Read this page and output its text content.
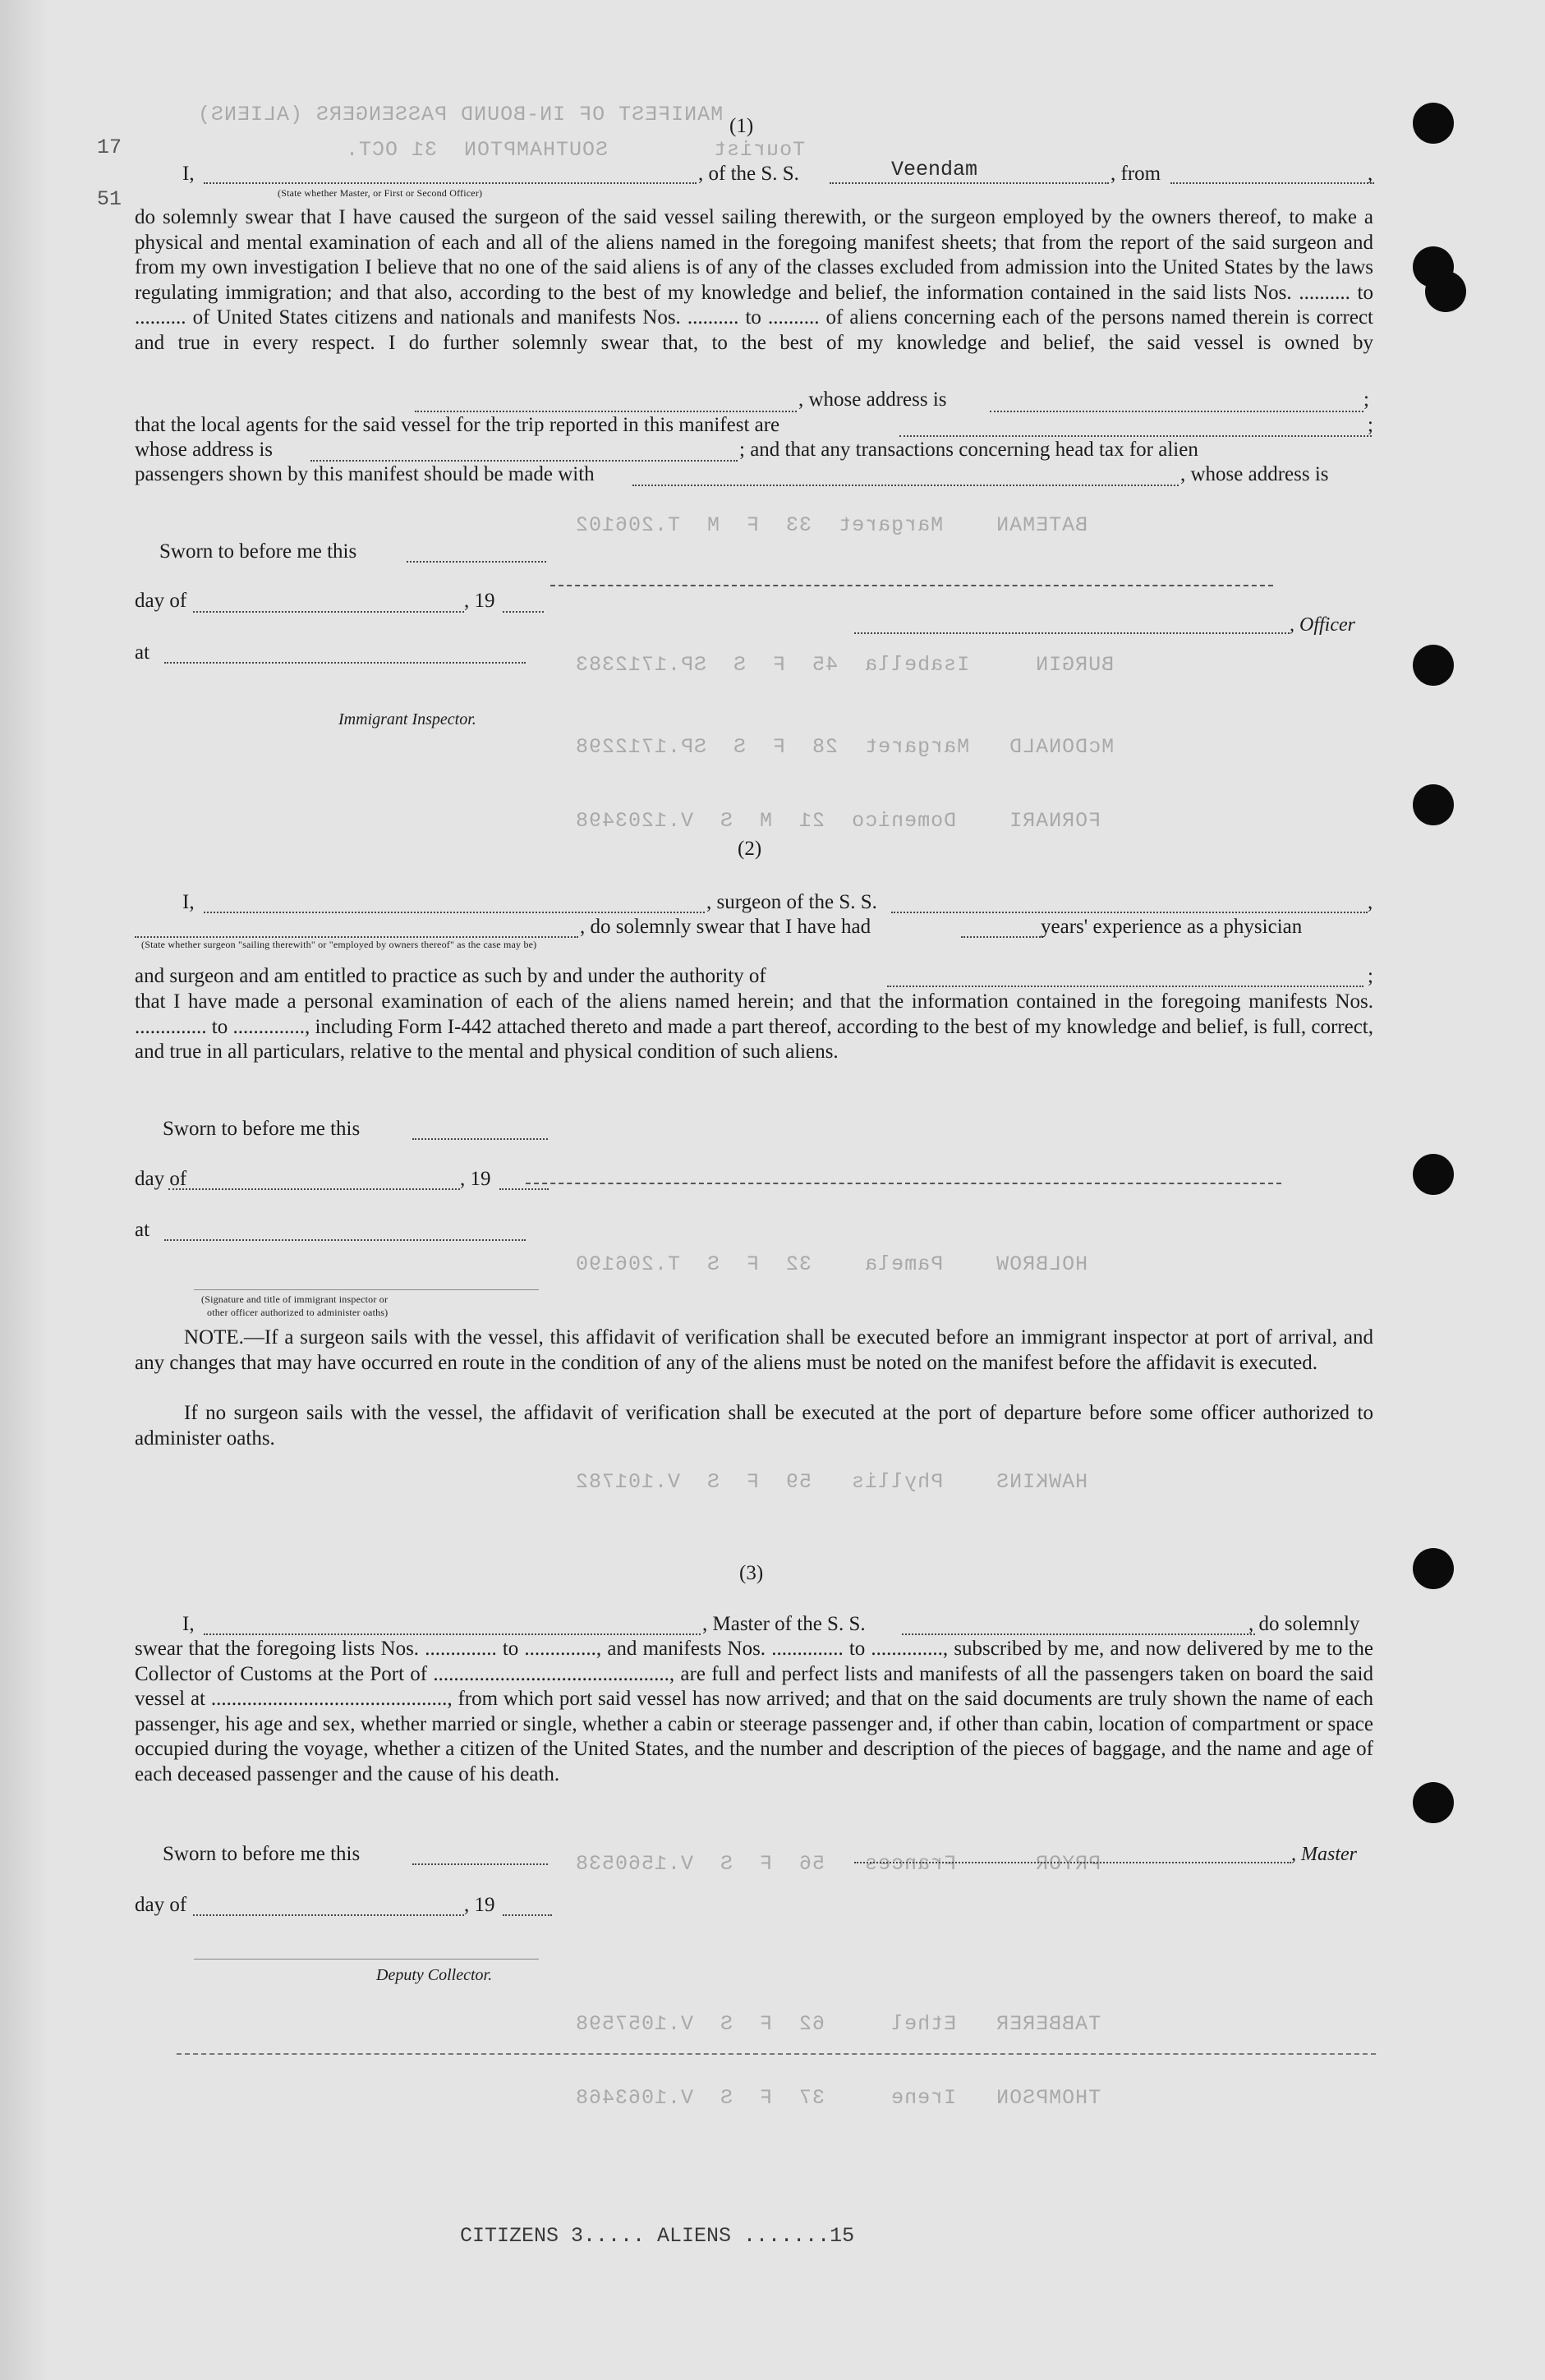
MANIFEST OF IN-BOUND PASSENGERS (ALIENS)
Tourist        SOUTHAMPTON  31 OCT.
BATEMAN    Margaret  33  F  M  T.206102
BURGIN     Isabella  45  F  S  SP.1712383
McDONALD   Margaret  28  F  S  SP.1712298
FORNARI    Domenico  21  M  S  V.1203498
HOLBROW    Pamela    32  F  S  T.206190
HAWKINS    Phyllis   59  F  S  V.101782
PRYOR      Frances   56  F  S  V.1560538
TABBERER   Ethel     62  F  S  V.1057598
THOMPSON   Irene     37  F  S  V.1063468
17
51
(1)
I,	, of the S. S.	Veendam	, from	,
(State whether Master, or First or Second Officer)
do solemnly swear that I have caused the surgeon of the said vessel sailing therewith, or the surgeon employed by the owners thereof, to make a physical and mental examination of each and all of the aliens named in the foregoing manifest sheets; that from the report of the said surgeon and from my own investigation I believe that no one of the said aliens is of any of the classes excluded from admission into the United States by the laws regulating immigration; and that also, according to the best of my knowledge and belief, the information contained in the said lists Nos. .......... to .......... of United States citizens and nationals and manifests Nos. .......... to .......... of aliens concerning each of the persons named therein is correct and true in every respect. I do further solemnly swear that, to the best of my knowledge and belief, the said vessel is owned by
, whose address is	;
that the local agents for the said vessel for the trip reported in this manifest are	;
whose address is	; and that any transactions concerning head tax for alien
passengers shown by this manifest should be made with	, whose address is
Sworn to before me this
day of	, 19
, Officer
at
Immigrant Inspector.
(2)
I,	, surgeon of the S. S.	,
, do solemnly swear that I have had	years' experience as a physician
(State whether surgeon "sailing therewith" or "employed by owners thereof" as the case may be)
and surgeon and am entitled to practice as such by and under the authority of	;
that I have made a personal examination of each of the aliens named herein; and that the information contained in the foregoing manifests Nos. .............. to .............., including Form I-442 attached thereto and made a part thereof, according to the best of my knowledge and belief, is full, correct, and true in all particulars, relative to the mental and physical condition of such aliens.
Sworn to before me this
day of	, 19
at
(Signature and title of immigrant inspector or
other officer authorized to administer oaths)
NOTE.—If a surgeon sails with the vessel, this affidavit of verification shall be executed before an immigrant inspector at port of arrival, and any changes that may have occurred en route in the condition of any of the aliens must be noted on the manifest before the affidavit is executed.
If no surgeon sails with the vessel, the affidavit of verification shall be executed at the port of departure before some officer authorized to administer oaths.
(3)
I,	, Master of the S. S.	, do solemnly
swear that the foregoing lists Nos. .............. to .............., and manifests Nos. .............. to .............., subscribed by me, and now delivered by me to the Collector of Customs at the Port of .............................................., are full and perfect lists and manifests of all the passengers taken on board the said vessel at .............................................., from which port said vessel has now arrived; and that on the said documents are truly shown the name of each passenger, his age and sex, whether married or single, whether a cabin or steerage passenger and, if other than cabin, location of compartment or space occupied during the voyage, whether a citizen of the United States, and the number and description of the pieces of baggage, and the name and age of each deceased passenger and the cause of his death.
Sworn to before me this	, Master
day of	, 19
Deputy Collector.
CITIZENS 3..... ALIENS .......15
